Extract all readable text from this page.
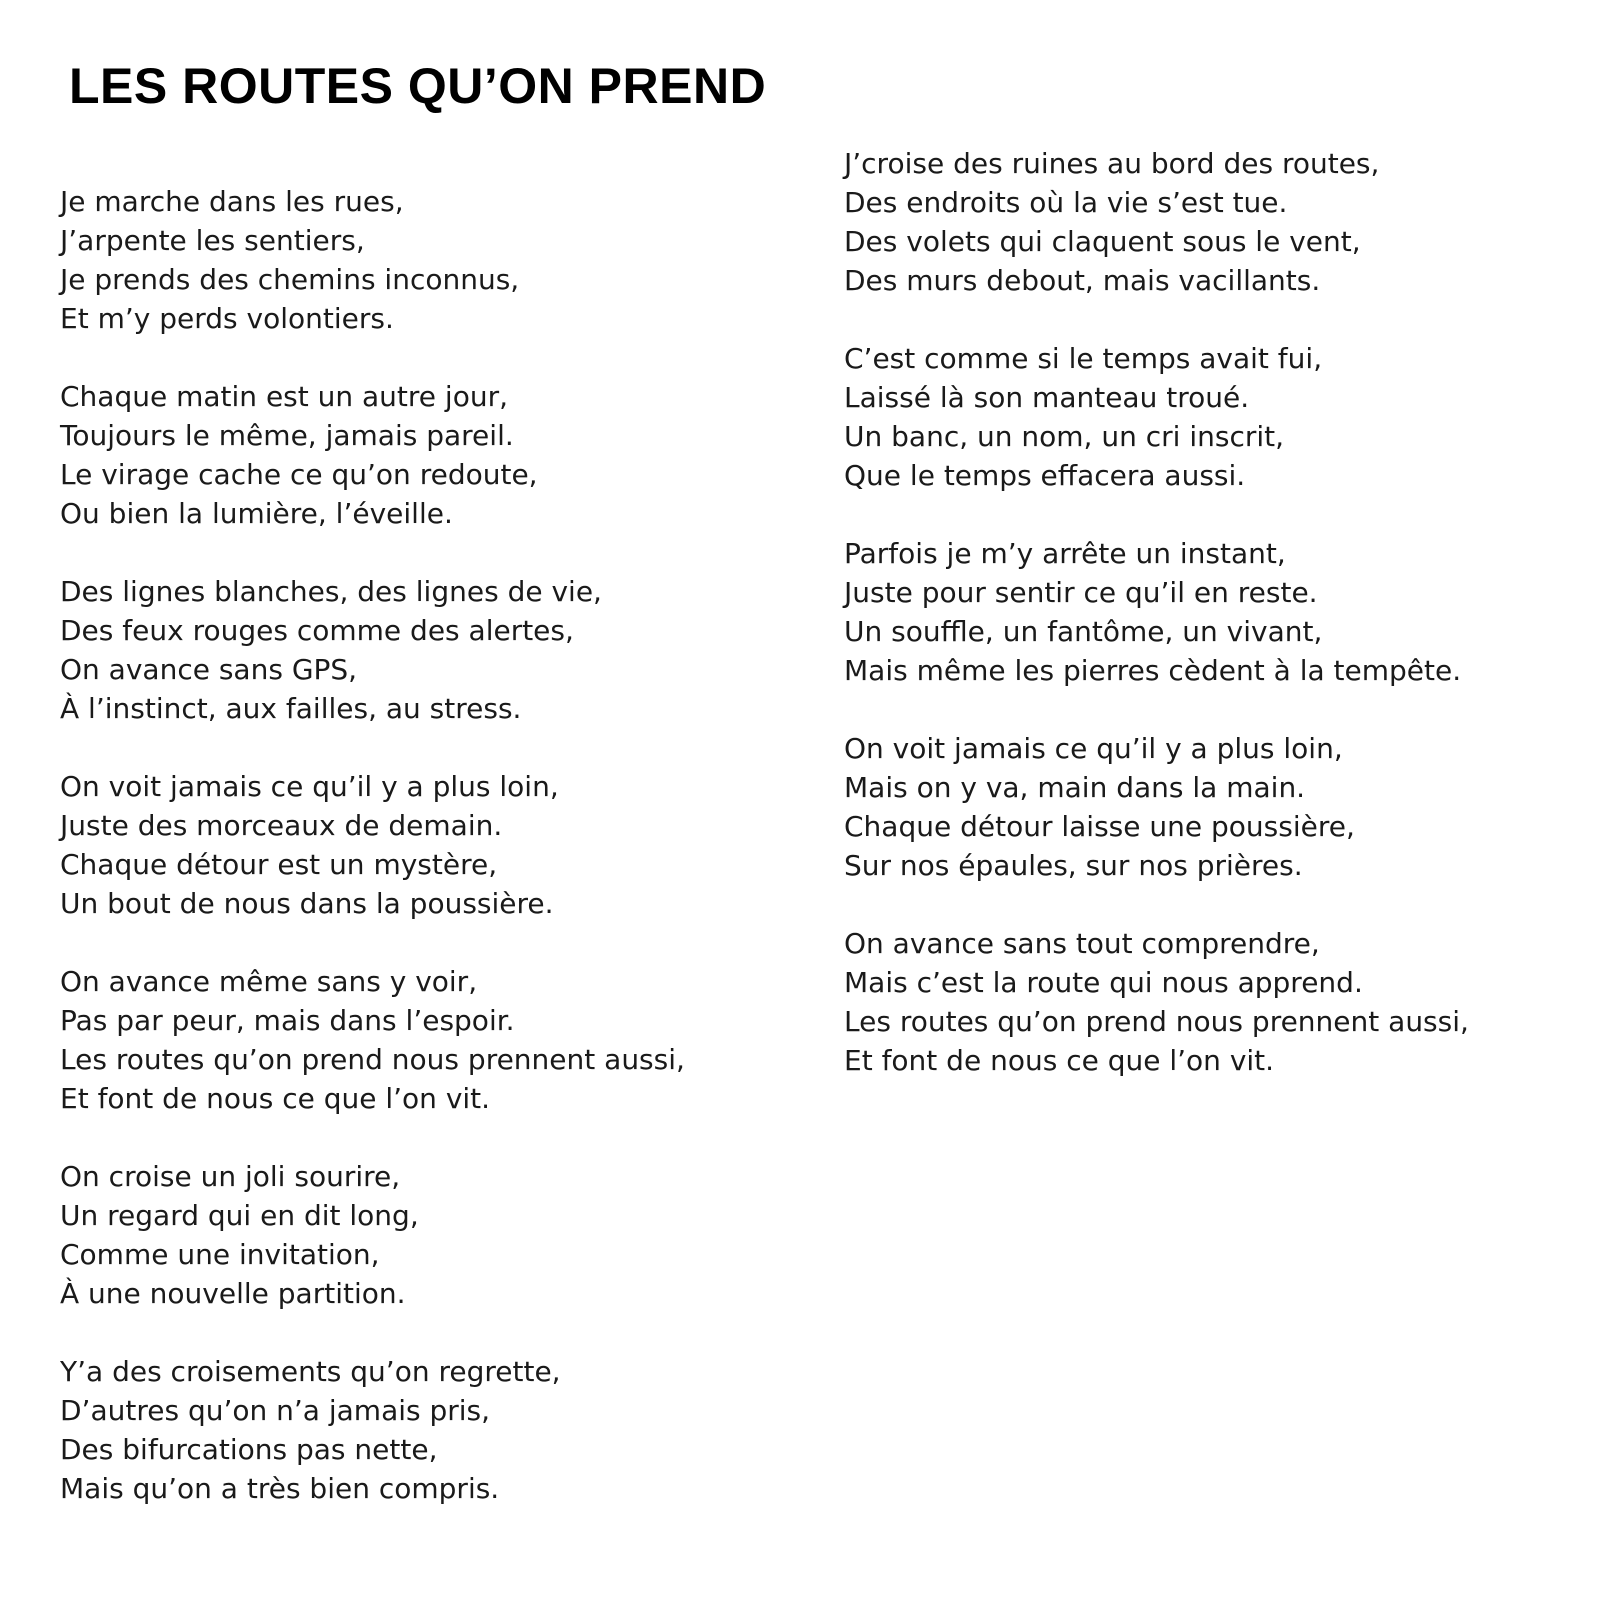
LES ROUTES QU’ON PREND
Je marche dans les rues,
J’arpente les sentiers,
Je prends des chemins inconnus,
Et m’y perds volontiers.
Chaque matin est un autre jour,
Toujours le même, jamais pareil.
Le virage cache ce qu’on redoute,
Ou bien la lumière, l’éveille.
Des lignes blanches, des lignes de vie,
Des feux rouges comme des alertes,
On avance sans GPS,
À l’instinct, aux failles, au stress.
On voit jamais ce qu’il y a plus loin,
Juste des morceaux de demain.
Chaque détour est un mystère,
Un bout de nous dans la poussière.
On avance même sans y voir,
Pas par peur, mais dans l’espoir.
Les routes qu’on prend nous prennent aussi,
Et font de nous ce que l’on vit.
On croise un joli sourire,
Un regard qui en dit long,
Comme une invitation,
À une nouvelle partition.
Y’a des croisements qu’on regrette,
D’autres qu’on n’a jamais pris,
Des bifurcations pas nette,
Mais qu’on a très bien compris.
J’croise des ruines au bord des routes,
Des endroits où la vie s’est tue.
Des volets qui claquent sous le vent,
Des murs debout, mais vacillants.
C’est comme si le temps avait fui,
Laissé là son manteau troué.
Un banc, un nom, un cri inscrit,
Que le temps effacera aussi.
Parfois je m’y arrête un instant,
Juste pour sentir ce qu’il en reste.
Un souffle, un fantôme, un vivant,
Mais même les pierres cèdent à la tempête.
On voit jamais ce qu’il y a plus loin,
Mais on y va, main dans la main.
Chaque détour laisse une poussière,
Sur nos épaules, sur nos prières.
On avance sans tout comprendre,
Mais c’est la route qui nous apprend.
Les routes qu’on prend nous prennent aussi,
Et font de nous ce que l’on vit.
